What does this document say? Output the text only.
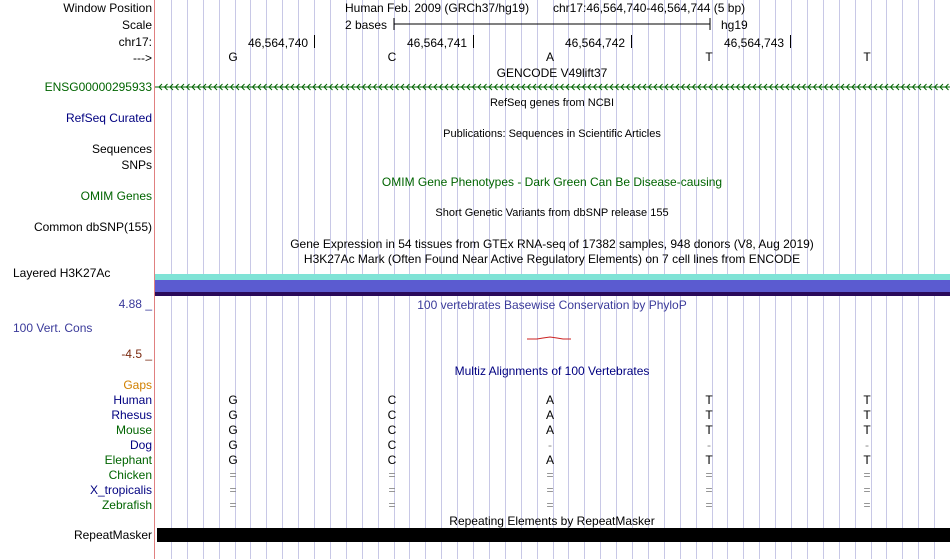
Window Position
Scale
chr17:
--->
ENSG00000295933
RefSeq Curated
Sequences
SNPs
OMIM Genes
Common dbSNP(155)
Layered H3K27Ac
4.88 _
100 Vert. Cons
-4.5 _
Gaps
Human
Rhesus
Mouse
Dog
Elephant
Chicken
X_tropicalis
Zebrafish
RepeatMasker
Human Feb. 2009 (GRCh37/hg19) chr17:46,564,740-46,564,744 (5 bp)
2 bases	hg19
46,564,740	46,564,741	46,564,742	46,564,743
G	C	A	T	T
GENCODE V49lift37
RefSeq genes from NCBI
Publications: Sequences in Scientific Articles
OMIM Gene Phenotypes - Dark Green Can Be Disease-causing
Short Genetic Variants from dbSNP release 155
Gene Expression in 54 tissues from GTEx RNA-seq of 17382 samples, 948 donors (V8, Aug 2019)
H3K27Ac Mark (Often Found Near Active Regulatory Elements) on 7 cell lines from ENCODE
100 vertebrates Basewise Conservation by PhyloP
Multiz Alignments of 100 Vertebrates
G	C	A	T	T
G	C	A	T	T
G	C	A	T	T
G	C	-	-	-
G	C	A	T	T
=	=	=	=	=
=	=	=	=	=
=	=	=	=	=
Repeating Elements by RepeatMasker
